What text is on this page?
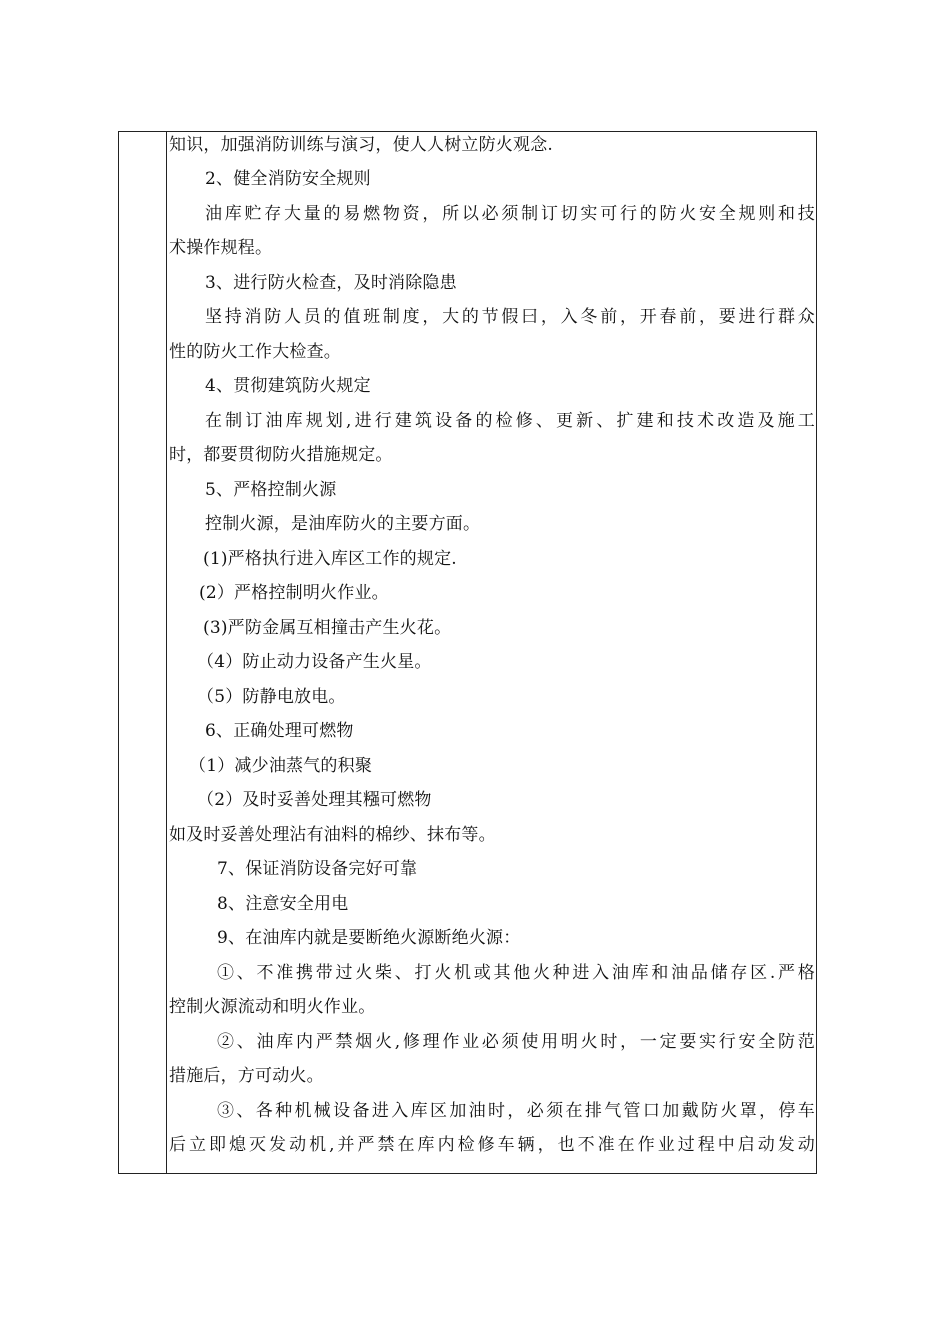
知识，加强消防训练与演习，使人人树立防火观念.
2、健全消防安全规则
油库贮存大量的易燃物资，所以必须制订切实可行的防火安全规则和技
术操作规程。
3、进行防火检查，及时消除隐患
坚持消防人员的值班制度，大的节假曰，入冬前，开春前，要进行群众
性的防火工作大检查。
4、贯彻建筑防火规定
在制订油库规划,进行建筑设备的检修、更新、扩建和技术改造及施工
时，都要贯彻防火措施规定。
5、严格控制火源
控制火源，是油库防火的主要方面。
(1)严格执行进入库区工作的规定.
(2）严格控制明火作业。
(3)严防金属互相撞击产生火花。
（4）防止动力设备产生火星。
（5）防静电放电。
6、正确处理可燃物
（1）减少油蒸气的积聚
（2）及时妥善处理其糨可燃物
如及时妥善处理沾有油料的棉纱、抹布等。
7、保证消防设备完好可靠
8、注意安全用电
9、在油库内就是要断绝火源断绝火源：
①、不准携带过火柴、打火机或其他火种进入油库和油品储存区.严格
控制火源流动和明火作业。
②、油库内严禁烟火,修理作业必须使用明火时，一定要实行安全防范
措施后，方可动火。
③、各种机械设备进入库区加油时，必须在排气管口加戴防火罩，停车
后立即熄灭发动机,并严禁在库内检修车辆，也不准在作业过程中启动发动
